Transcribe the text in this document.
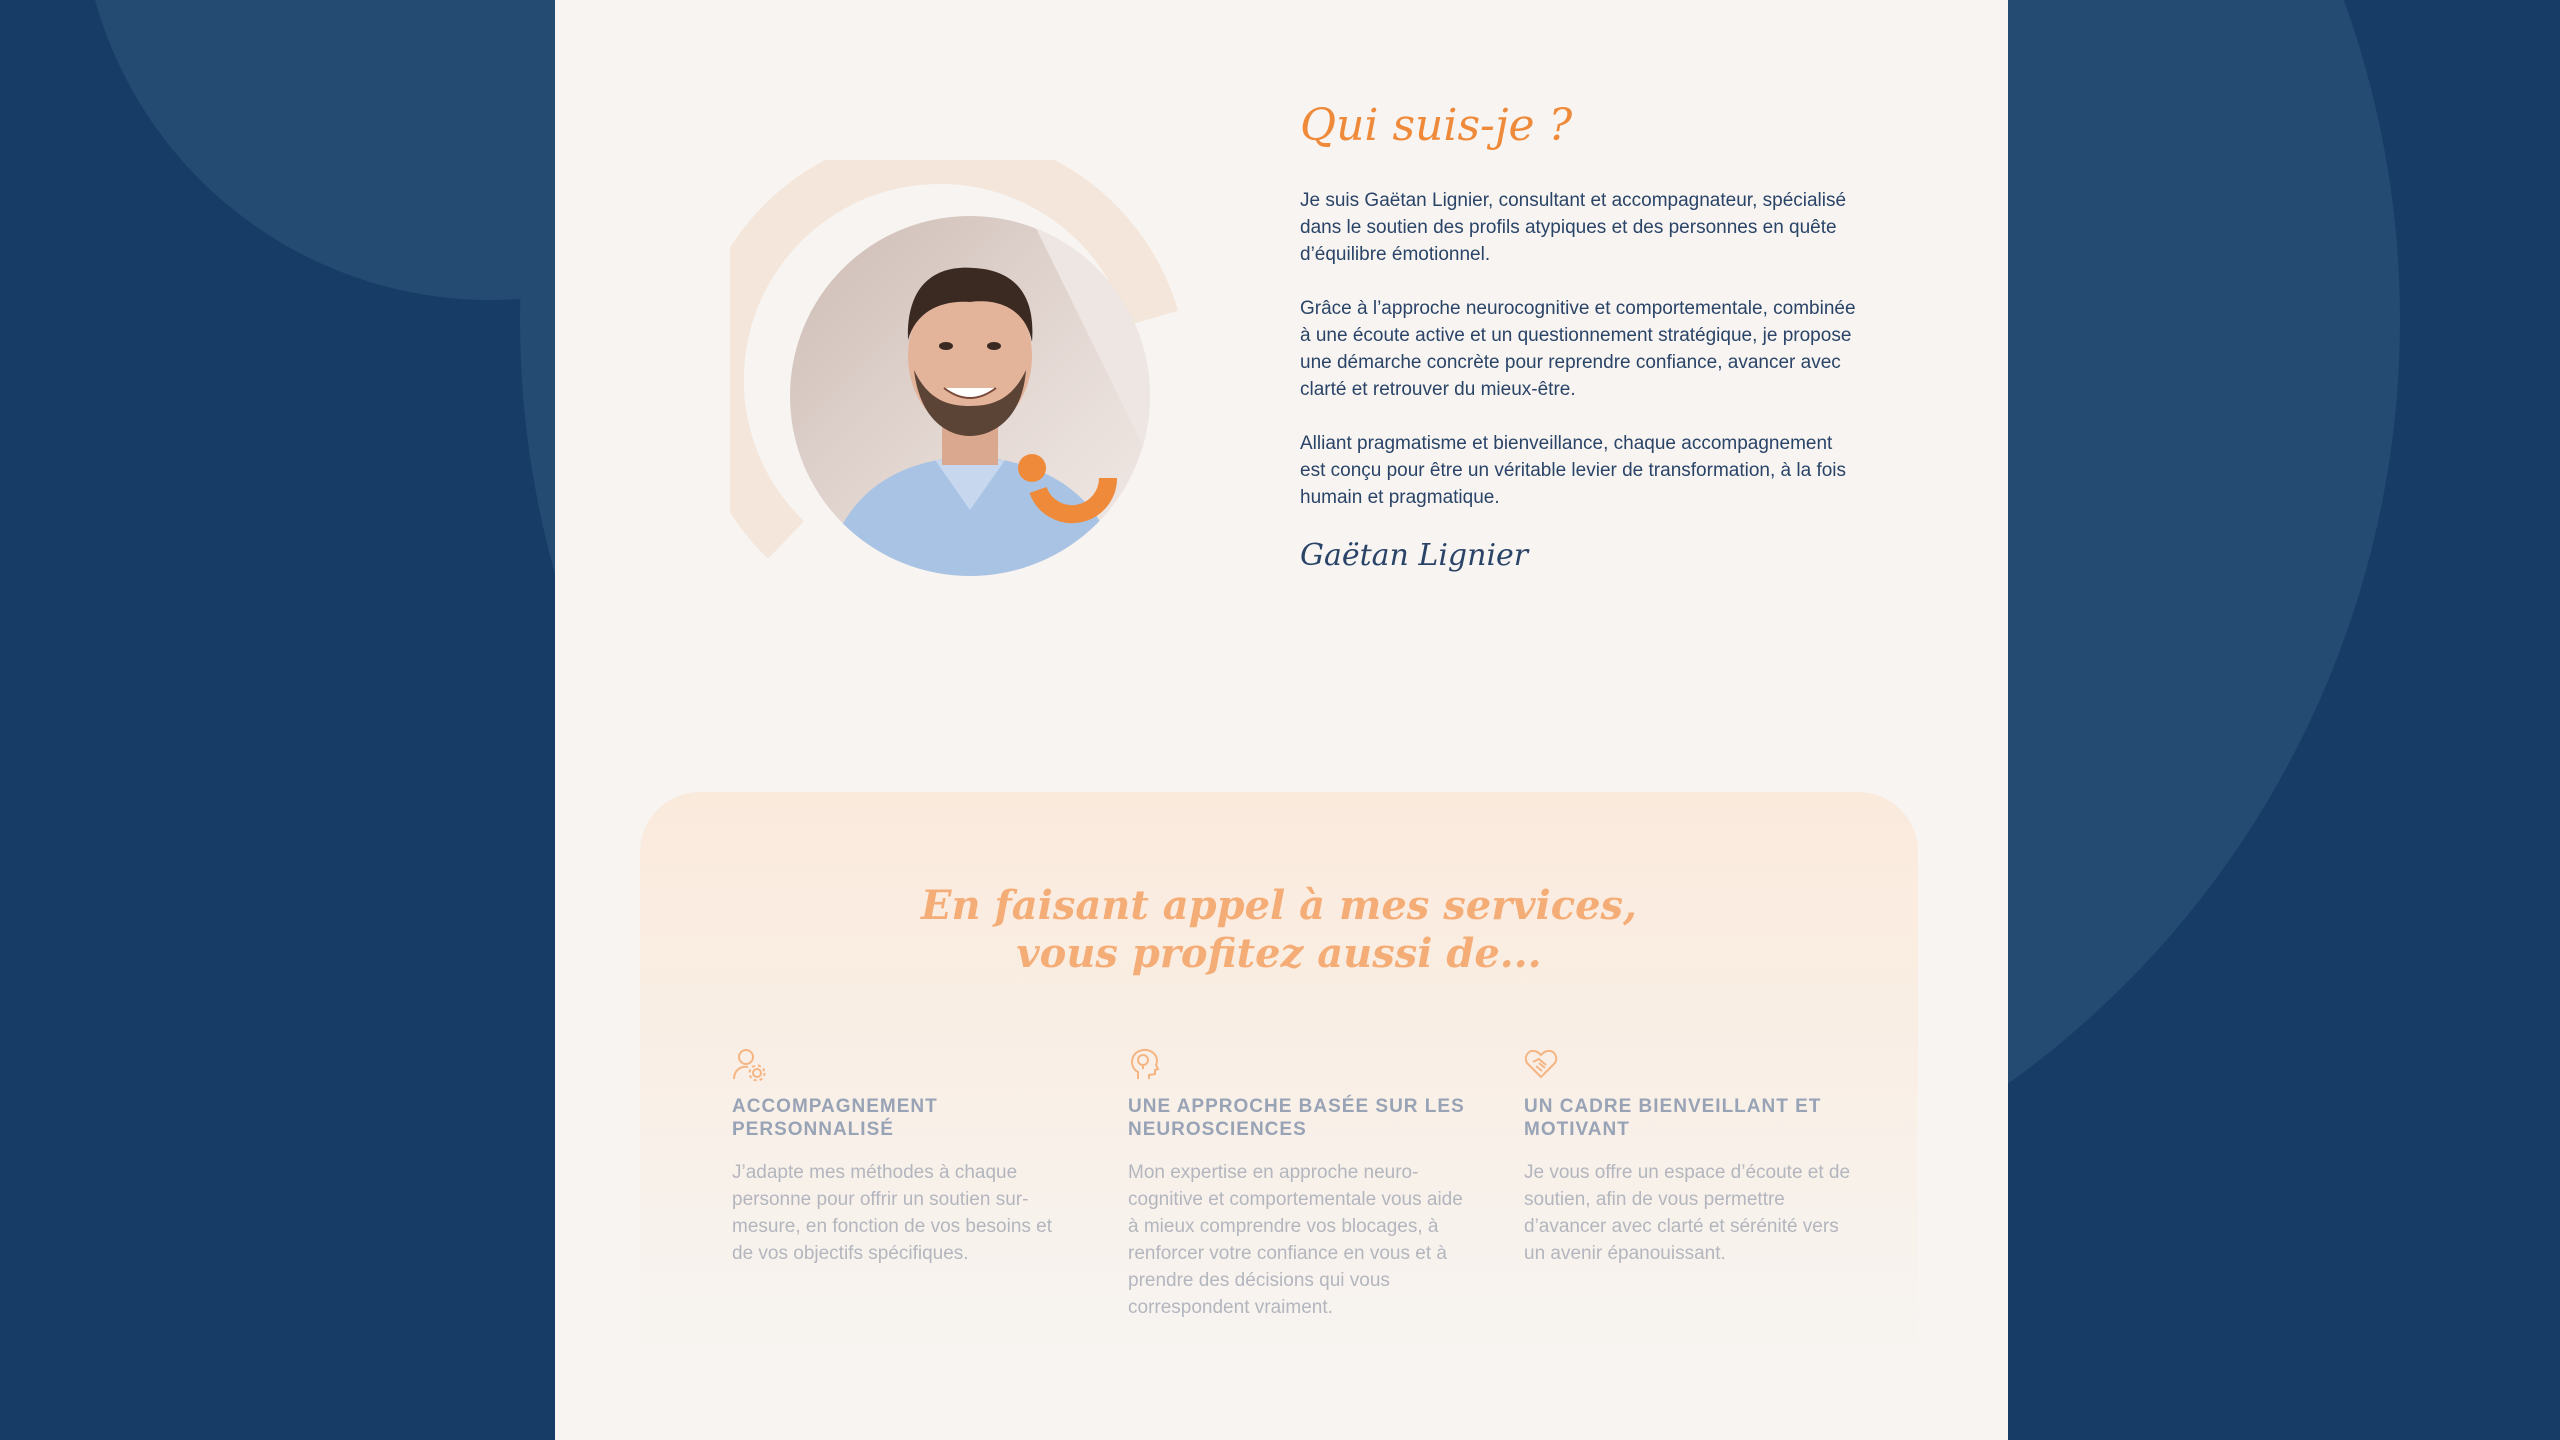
Qui suis-je ?

Je suis Gaëtan Lignier, consultant et accompagnateur, spécialisé dans le soutien des profils atypiques et des personnes en quête d’équilibre émotionnel.

Grâce à l’approche neurocognitive et comportementale, combinée à une écoute active et un questionnement stratégique, je propose une démarche concrète pour reprendre confiance, avancer avec clarté et retrouver du mieux-être.

Alliant pragmatisme et bienveillance, chaque accompagnement est conçu pour être un véritable levier de transformation, à la fois humain et pragmatique.

Gaëtan Lignier
En faisant appel à mes services, vous profitez aussi de...
ACCOMPAGNEMENT PERSONNALISÉ

J’adapte mes méthodes à chaque personne pour offrir un soutien sur-mesure, en fonction de vos besoins et de vos objectifs spécifiques.

UNE APPROCHE BASÉE SUR LES NEUROSCIENCES

Mon expertise en approche neuro-cognitive et comportementale vous aide à mieux comprendre vos blocages, à renforcer votre confiance en vous et à prendre des décisions qui vous correspondent vraiment.

UN CADRE BIENVEILLANT ET MOTIVANT

Je vous offre un espace d’écoute et de soutien, afin de vous permettre d’avancer avec clarté et sérénité vers un avenir épanouissant.
